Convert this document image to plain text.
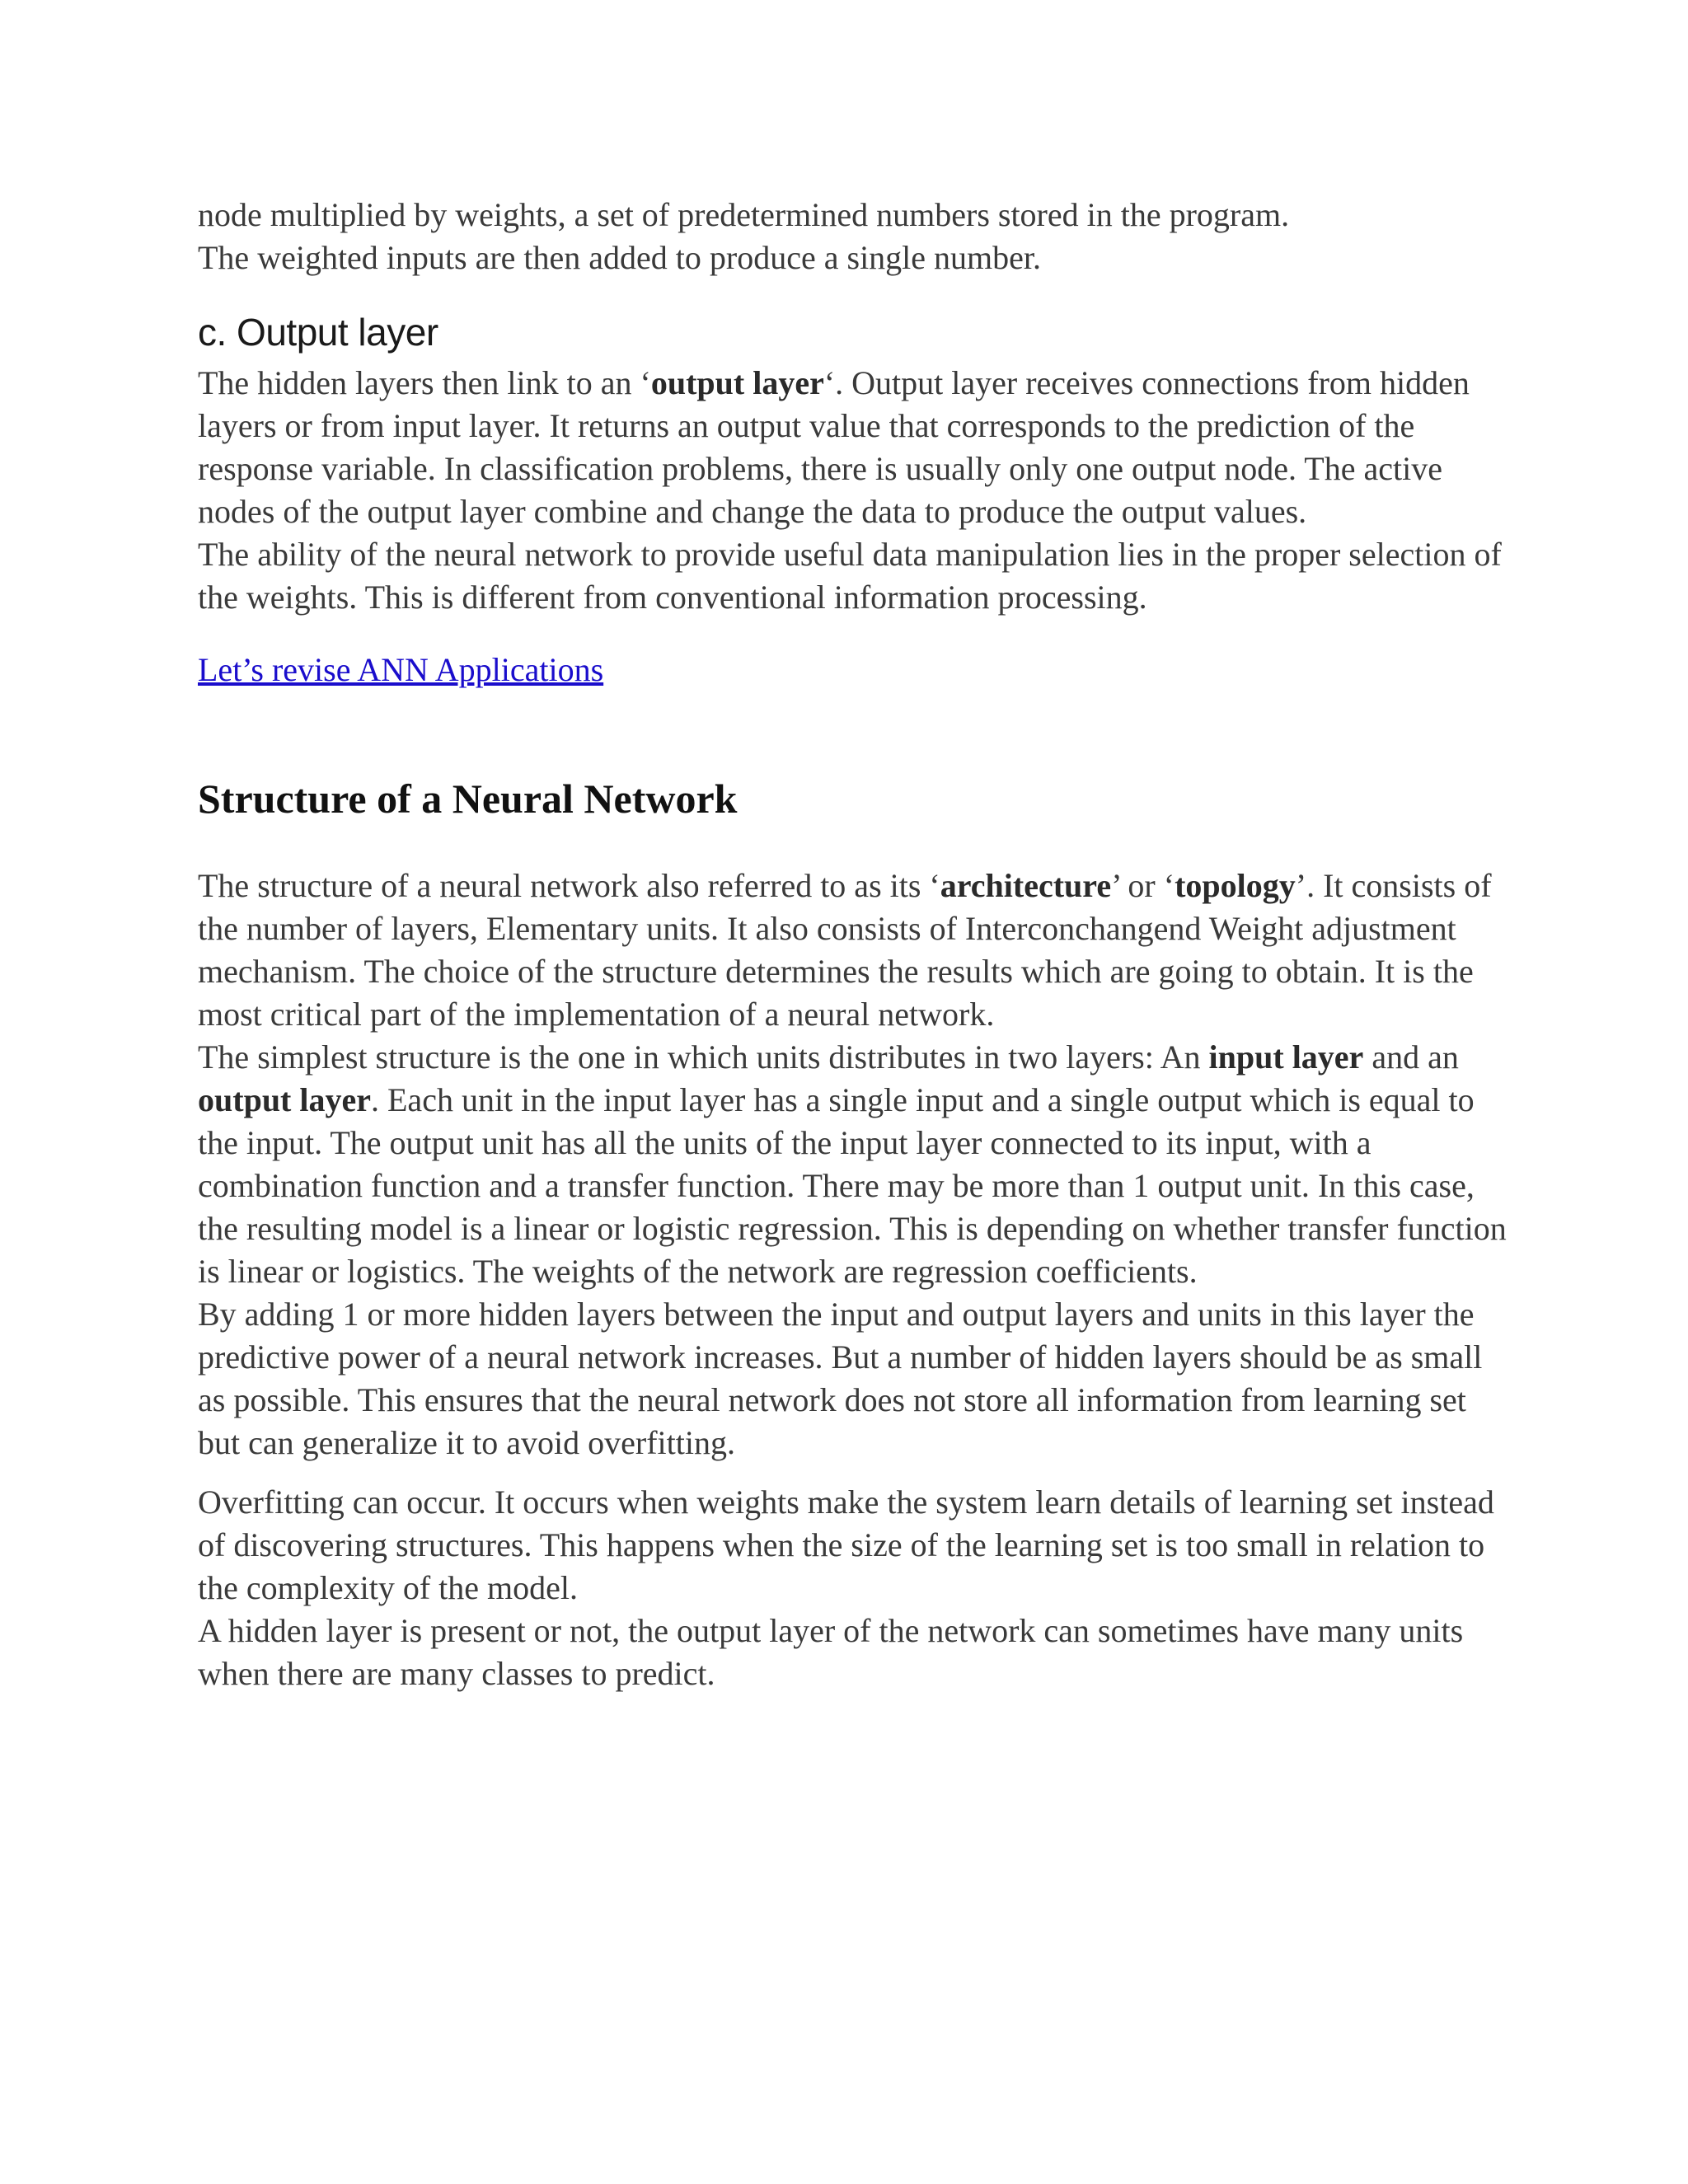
node multiplied by weights, a set of predetermined numbers stored in the program.
The weighted inputs are then added to produce a single number.

c. Output layer

The hidden layers then link to an ‘output layer‘. Output layer receives connections from hidden layers or from input layer. It returns an output value that corresponds to the prediction of the response variable. In classification problems, there is usually only one output node. The active nodes of the output layer combine and change the data to produce the output values.

The ability of the neural network to provide useful data manipulation lies in the proper selection of the weights. This is different from conventional information processing.

Let’s revise ANN Applications

Structure of a Neural Network

The structure of a neural network also referred to as its ‘architecture’ or ‘topology’. It consists of the number of layers, Elementary units. It also consists of Interconchangend Weight adjustment mechanism. The choice of the structure determines the results which are going to obtain. It is the most critical part of the implementation of a neural network.

The simplest structure is the one in which units distributes in two layers: An input layer and an output layer. Each unit in the input layer has a single input and a single output which is equal to the input. The output unit has all the units of the input layer connected to its input, with a combination function and a transfer function. There may be more than 1 output unit. In this case, the resulting model is a linear or logistic regression. This is depending on whether transfer function is linear or logistics. The weights of the network are regression coefficients.

By adding 1 or more hidden layers between the input and output layers and units in this layer the predictive power of a neural network increases. But a number of hidden layers should be as small as possible. This ensures that the neural network does not store all information from learning set but can generalize it to avoid overfitting.

Overfitting can occur. It occurs when weights make the system learn details of learning set instead of discovering structures. This happens when the size of the learning set is too small in relation to the complexity of the model.

A hidden layer is present or not, the output layer of the network can sometimes have many units when there are many classes to predict.
